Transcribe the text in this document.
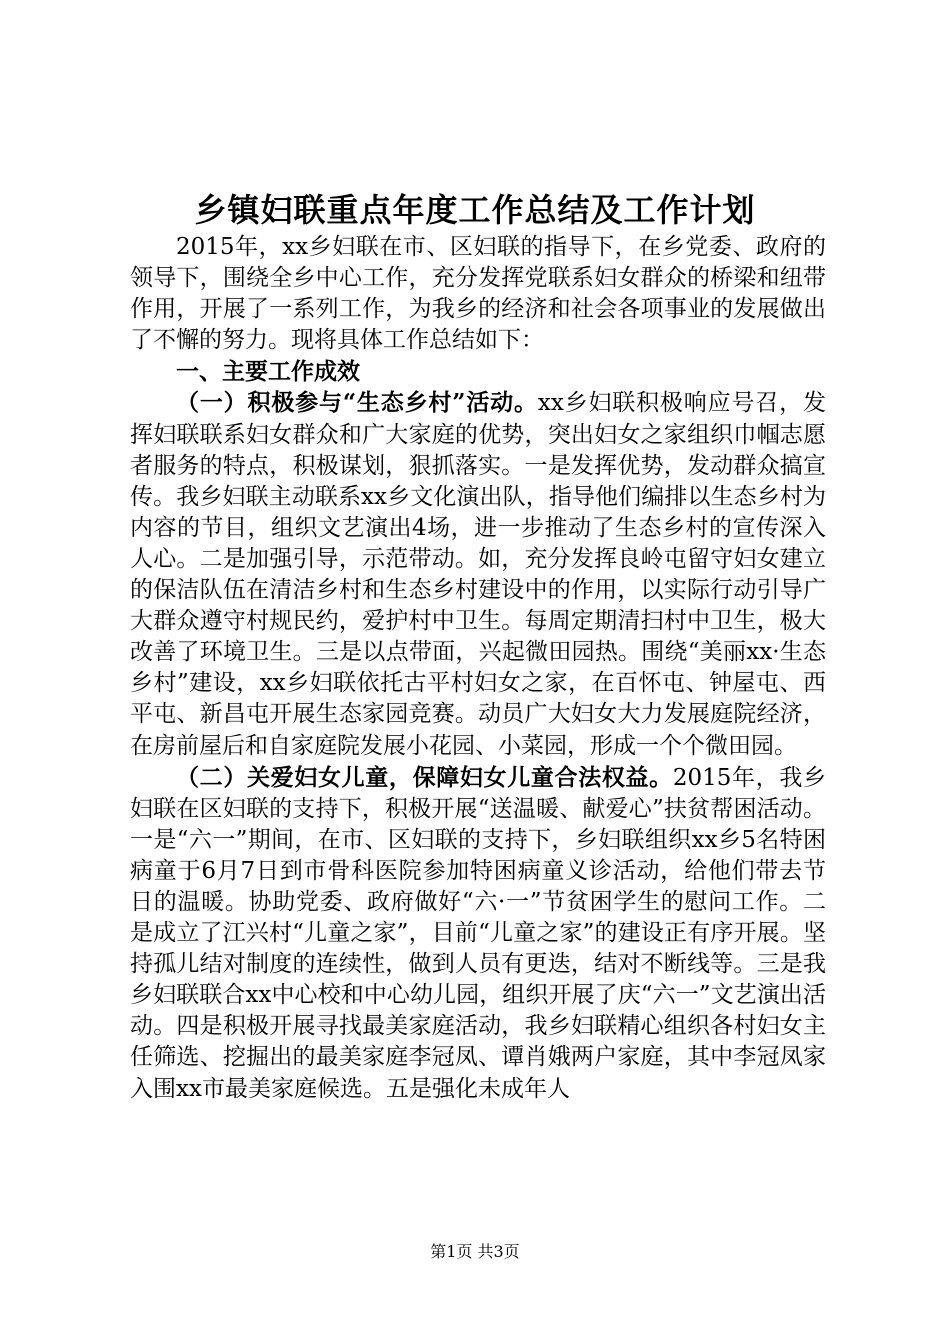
乡镇妇联重点年度工作总结及工作计划

2015年，xx乡妇联在市、区妇联的指导下，在乡党委、政府的领导下，围绕全乡中心工作，充分发挥党联系妇女群众的桥梁和纽带作用，开展了一系列工作，为我乡的经济和社会各项事业的发展做出了不懈的努力。现将具体工作总结如下：

一、主要工作成效

（一）积极参与“生态乡村”活动。xx乡妇联积极响应号召，发挥妇联联系妇女群众和广大家庭的优势，突出妇女之家组织巾帼志愿者服务的特点，积极谋划，狠抓落实。一是发挥优势，发动群众搞宣传。我乡妇联主动联系xx乡文化演出队，指导他们编排以生态乡村为内容的节目，组织文艺演出4场，进一步推动了生态乡村的宣传深入人心。二是加强引导，示范带动。如，充分发挥良岭屯留守妇女建立的保洁队伍在清洁乡村和生态乡村建设中的作用，以实际行动引导广大群众遵守村规民约，爱护村中卫生。每周定期清扫村中卫生，极大改善了环境卫生。三是以点带面，兴起微田园热。围绕“美丽xx·生态乡村”建设，xx乡妇联依托古平村妇女之家，在百怀屯、钟屋屯、西平屯、新昌屯开展生态家园竞赛。动员广大妇女大力发展庭院经济，在房前屋后和自家庭院发展小花园、小菜园，形成一个个微田园。

（二）关爱妇女儿童，保障妇女儿童合法权益。2015年，我乡妇联在区妇联的支持下，积极开展“送温暖、献爱心”扶贫帮困活动。一是“六一”期间，在市、区妇联的支持下，乡妇联组织xx乡5名特困病童于6月7日到市骨科医院参加特困病童义诊活动，给他们带去节日的温暖。协助党委、政府做好“六·一”节贫困学生的慰问工作。二是成立了江兴村“儿童之家”，目前“儿童之家”的建设正有序开展。坚持孤儿结对制度的连续性，做到人员有更迭，结对不断线等。三是我乡妇联联合xx中心校和中心幼儿园，组织开展了庆“六一”文艺演出活动。四是积极开展寻找最美家庭活动，我乡妇联精心组织各村妇女主任筛选、挖掘出的最美家庭李冠凤、谭肖娥两户家庭，其中李冠凤家入围xx市最美家庭候选。五是强化未成年人

第1页 共3页
